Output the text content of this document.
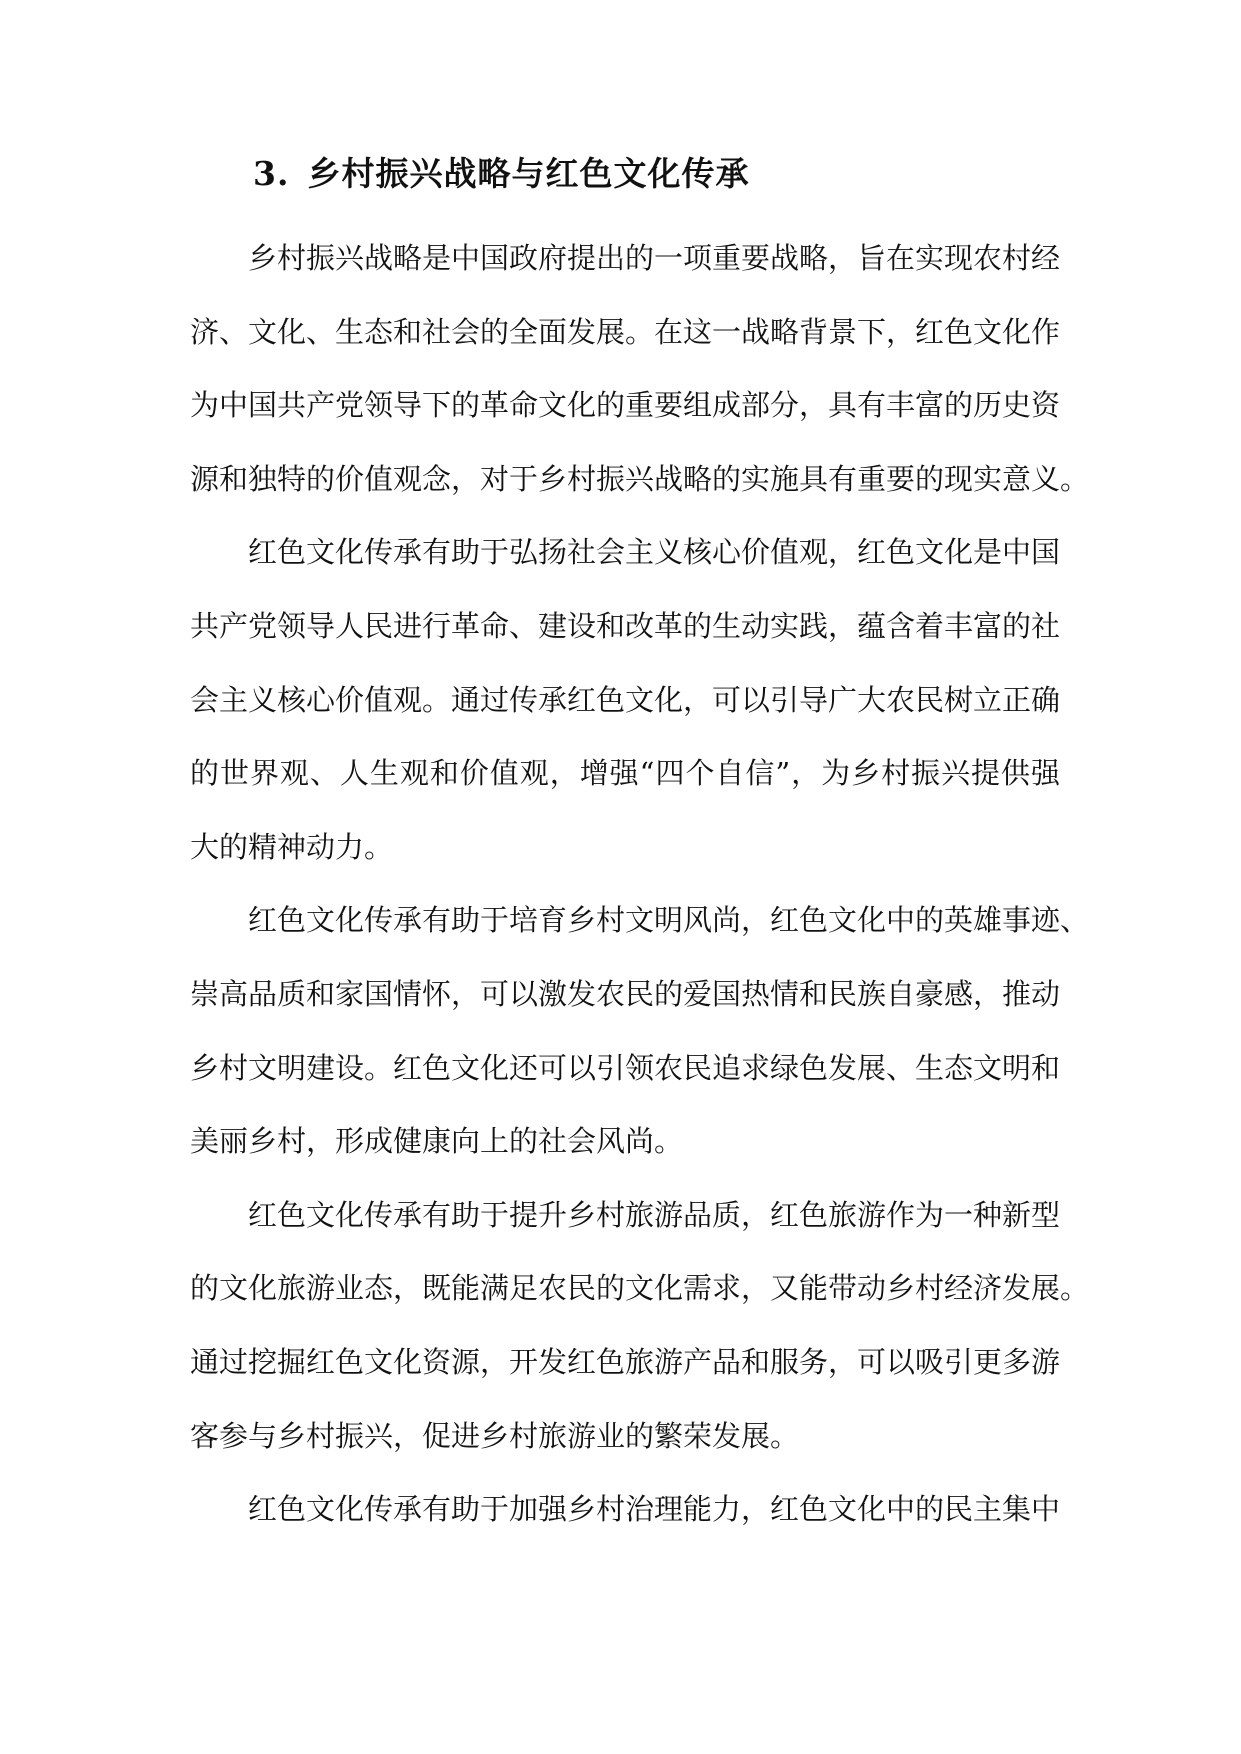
3. 乡村振兴战略与红色文化传承
乡村振兴战略是中国政府提出的一项重要战略，旨在实现农村经
济、文化、生态和社会的全面发展。在这一战略背景下，红色文化作
为中国共产党领导下的革命文化的重要组成部分，具有丰富的历史资
源和独特的价值观念，对于乡村振兴战略的实施具有重要的现实意义。
红色文化传承有助于弘扬社会主义核心价值观，红色文化是中国
共产党领导人民进行革命、建设和改革的生动实践，蕴含着丰富的社
会主义核心价值观。通过传承红色文化，可以引导广大农民树立正确
的世界观、人生观和价值观，增强“四个自信”，为乡村振兴提供强
大的精神动力。
红色文化传承有助于培育乡村文明风尚，红色文化中的英雄事迹、
崇高品质和家国情怀，可以激发农民的爱国热情和民族自豪感，推动
乡村文明建设。红色文化还可以引领农民追求绿色发展、生态文明和
美丽乡村，形成健康向上的社会风尚。
红色文化传承有助于提升乡村旅游品质，红色旅游作为一种新型
的文化旅游业态，既能满足农民的文化需求，又能带动乡村经济发展。
通过挖掘红色文化资源，开发红色旅游产品和服务，可以吸引更多游
客参与乡村振兴，促进乡村旅游业的繁荣发展。
红色文化传承有助于加强乡村治理能力，红色文化中的民主集中
